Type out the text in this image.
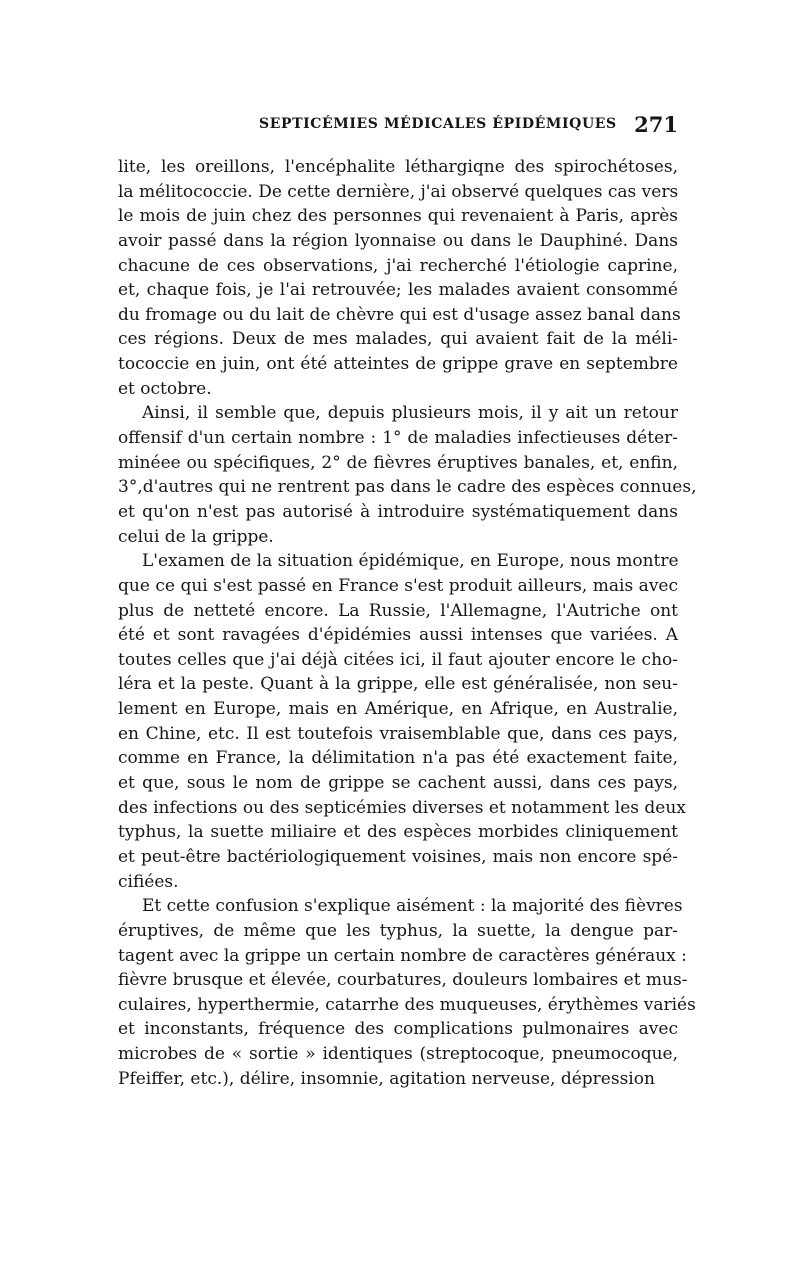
SEPTICÉMIES MÉDICALES ÉPIDÉMIQUES 271
lite, les oreillons, l'encéphalite léthargiqne des spirochétoses,
la mélitococcie. De cette dernière, j'ai observé quelques cas vers
le mois de juin chez des personnes qui revenaient à Paris, après
avoir passé dans la région lyonnaise ou dans le Dauphiné. Dans
chacune de ces observations, j'ai recherché l'étiologie caprine,
et, chaque fois, je l'ai retrouvée; les malades avaient consommé
du fromage ou du lait de chèvre qui est d'usage assez banal dans
ces régions. Deux de mes malades, qui avaient fait de la méli-
tococcie en juin, ont été atteintes de grippe grave en septembre
et octobre.
Ainsi, il semble que, depuis plusieurs mois, il y ait un retour
offensif d'un certain nombre : 1° de maladies infectieuses déter-
minéee ou spécifiques, 2° de fièvres éruptives banales, et, enfin,
3°,d'autres qui ne rentrent pas dans le cadre des espèces connues,
et qu'on n'est pas autorisé à introduire systématiquement dans
celui de la grippe.
L'examen de la situation épidémique, en Europe, nous montre
que ce qui s'est passé en France s'est produit ailleurs, mais avec
plus de netteté encore. La Russie, l'Allemagne, l'Autriche ont
été et sont ravagées d'épidémies aussi intenses que variées. A
toutes celles que j'ai déjà citées ici, il faut ajouter encore le cho-
léra et la peste. Quant à la grippe, elle est généralisée, non seu-
lement en Europe, mais en Amérique, en Afrique, en Australie,
en Chine, etc. Il est toutefois vraisemblable que, dans ces pays,
comme en France, la délimitation n'a pas été exactement faite,
et que, sous le nom de grippe se cachent aussi, dans ces pays,
des infections ou des septicémies diverses et notamment les deux
typhus, la suette miliaire et des espèces morbides cliniquement
et peut-être bactériologiquement voisines, mais non encore spé-
cifiées.
Et cette confusion s'explique aisément : la majorité des fièvres
éruptives, de même que les typhus, la suette, la dengue par-
tagent avec la grippe un certain nombre de caractères généraux :
fièvre brusque et élevée, courbatures, douleurs lombaires et mus-
culaires, hyperthermie, catarrhe des muqueuses, érythèmes variés
et inconstants, fréquence des complications pulmonaires avec
microbes de « sortie » identiques (streptocoque, pneumocoque,
Pfeiffer, etc.), délire, insomnie, agitation nerveuse, dépression
